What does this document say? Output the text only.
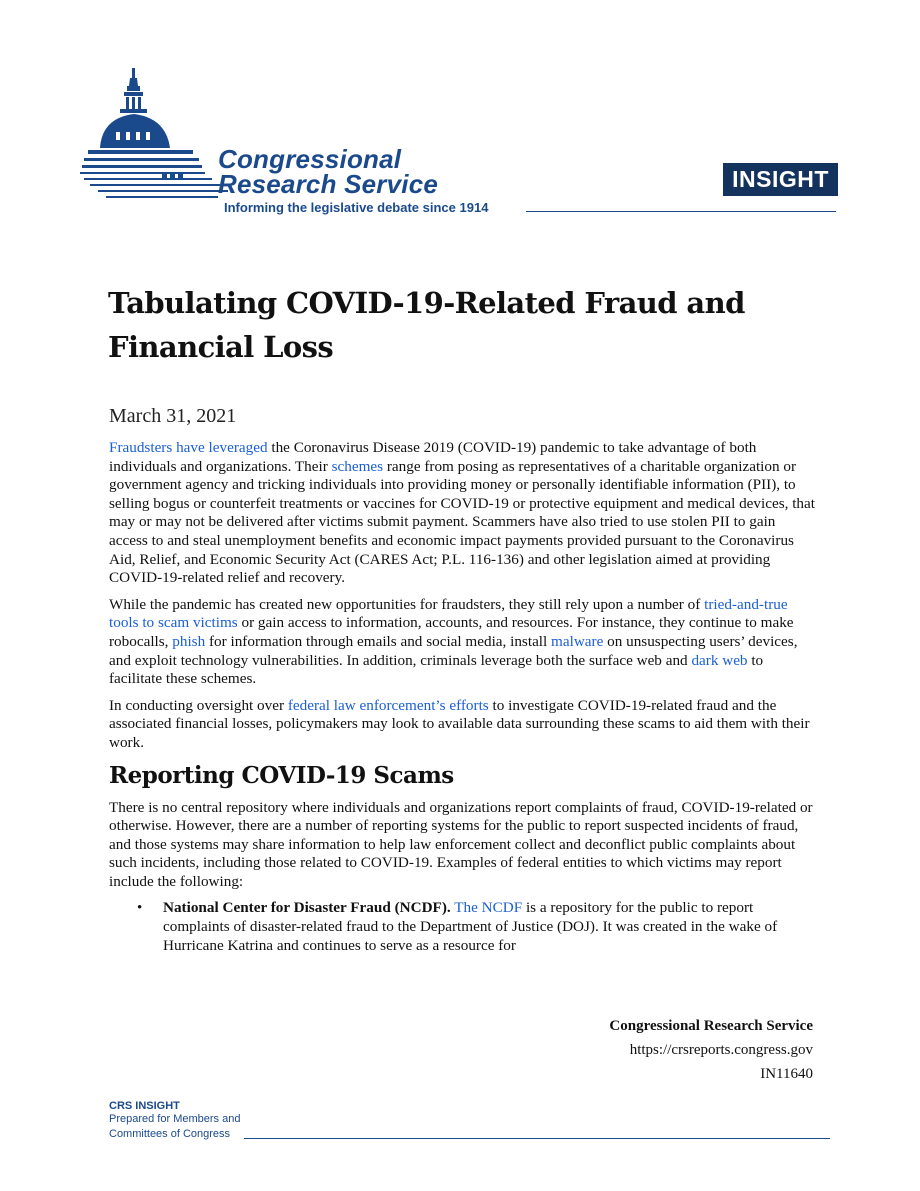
Congressional
Research Service
Informing the legislative debate since 1914
INSIGHT
Tabulating COVID-19-Related Fraud and Financial Loss
March 31, 2021

Fraudsters have leveraged the Coronavirus Disease 2019 (COVID-19) pandemic to take advantage of both individuals and organizations. Their schemes range from posing as representatives of a charitable organization or government agency and tricking individuals into providing money or personally identifiable information (PII), to selling bogus or counterfeit treatments or vaccines for COVID-19 or protective equipment and medical devices, that may or may not be delivered after victims submit payment. Scammers have also tried to use stolen PII to gain access to and steal unemployment benefits and economic impact payments provided pursuant to the Coronavirus Aid, Relief, and Economic Security Act (CARES Act; P.L. 116-136) and other legislation aimed at providing COVID-19-related relief and recovery.

While the pandemic has created new opportunities for fraudsters, they still rely upon a number of tried-and-true tools to scam victims or gain access to information, accounts, and resources. For instance, they continue to make robocalls, phish for information through emails and social media, install malware on unsuspecting users’ devices, and exploit technology vulnerabilities. In addition, criminals leverage both the surface web and dark web to facilitate these schemes.

In conducting oversight over federal law enforcement’s efforts to investigate COVID-19-related fraud and the associated financial losses, policymakers may look to available data surrounding these scams to aid them with their work.

Reporting COVID-19 Scams

There is no central repository where individuals and organizations report complaints of fraud, COVID-19-related or otherwise. However, there are a number of reporting systems for the public to report suspected incidents of fraud, and those systems may share information to help law enforcement collect and deconflict public complaints about such incidents, including those related to COVID-19. Examples of federal entities to which victims may report include the following:

• National Center for Disaster Fraud (NCDF). The NCDF is a repository for the public to report complaints of disaster-related fraud to the Department of Justice (DOJ). It was created in the wake of Hurricane Katrina and continues to serve as a resource for
Congressional Research Service
https://crsreports.congress.gov
IN11640
CRS INSIGHT
Prepared for Members and
Committees of Congress
